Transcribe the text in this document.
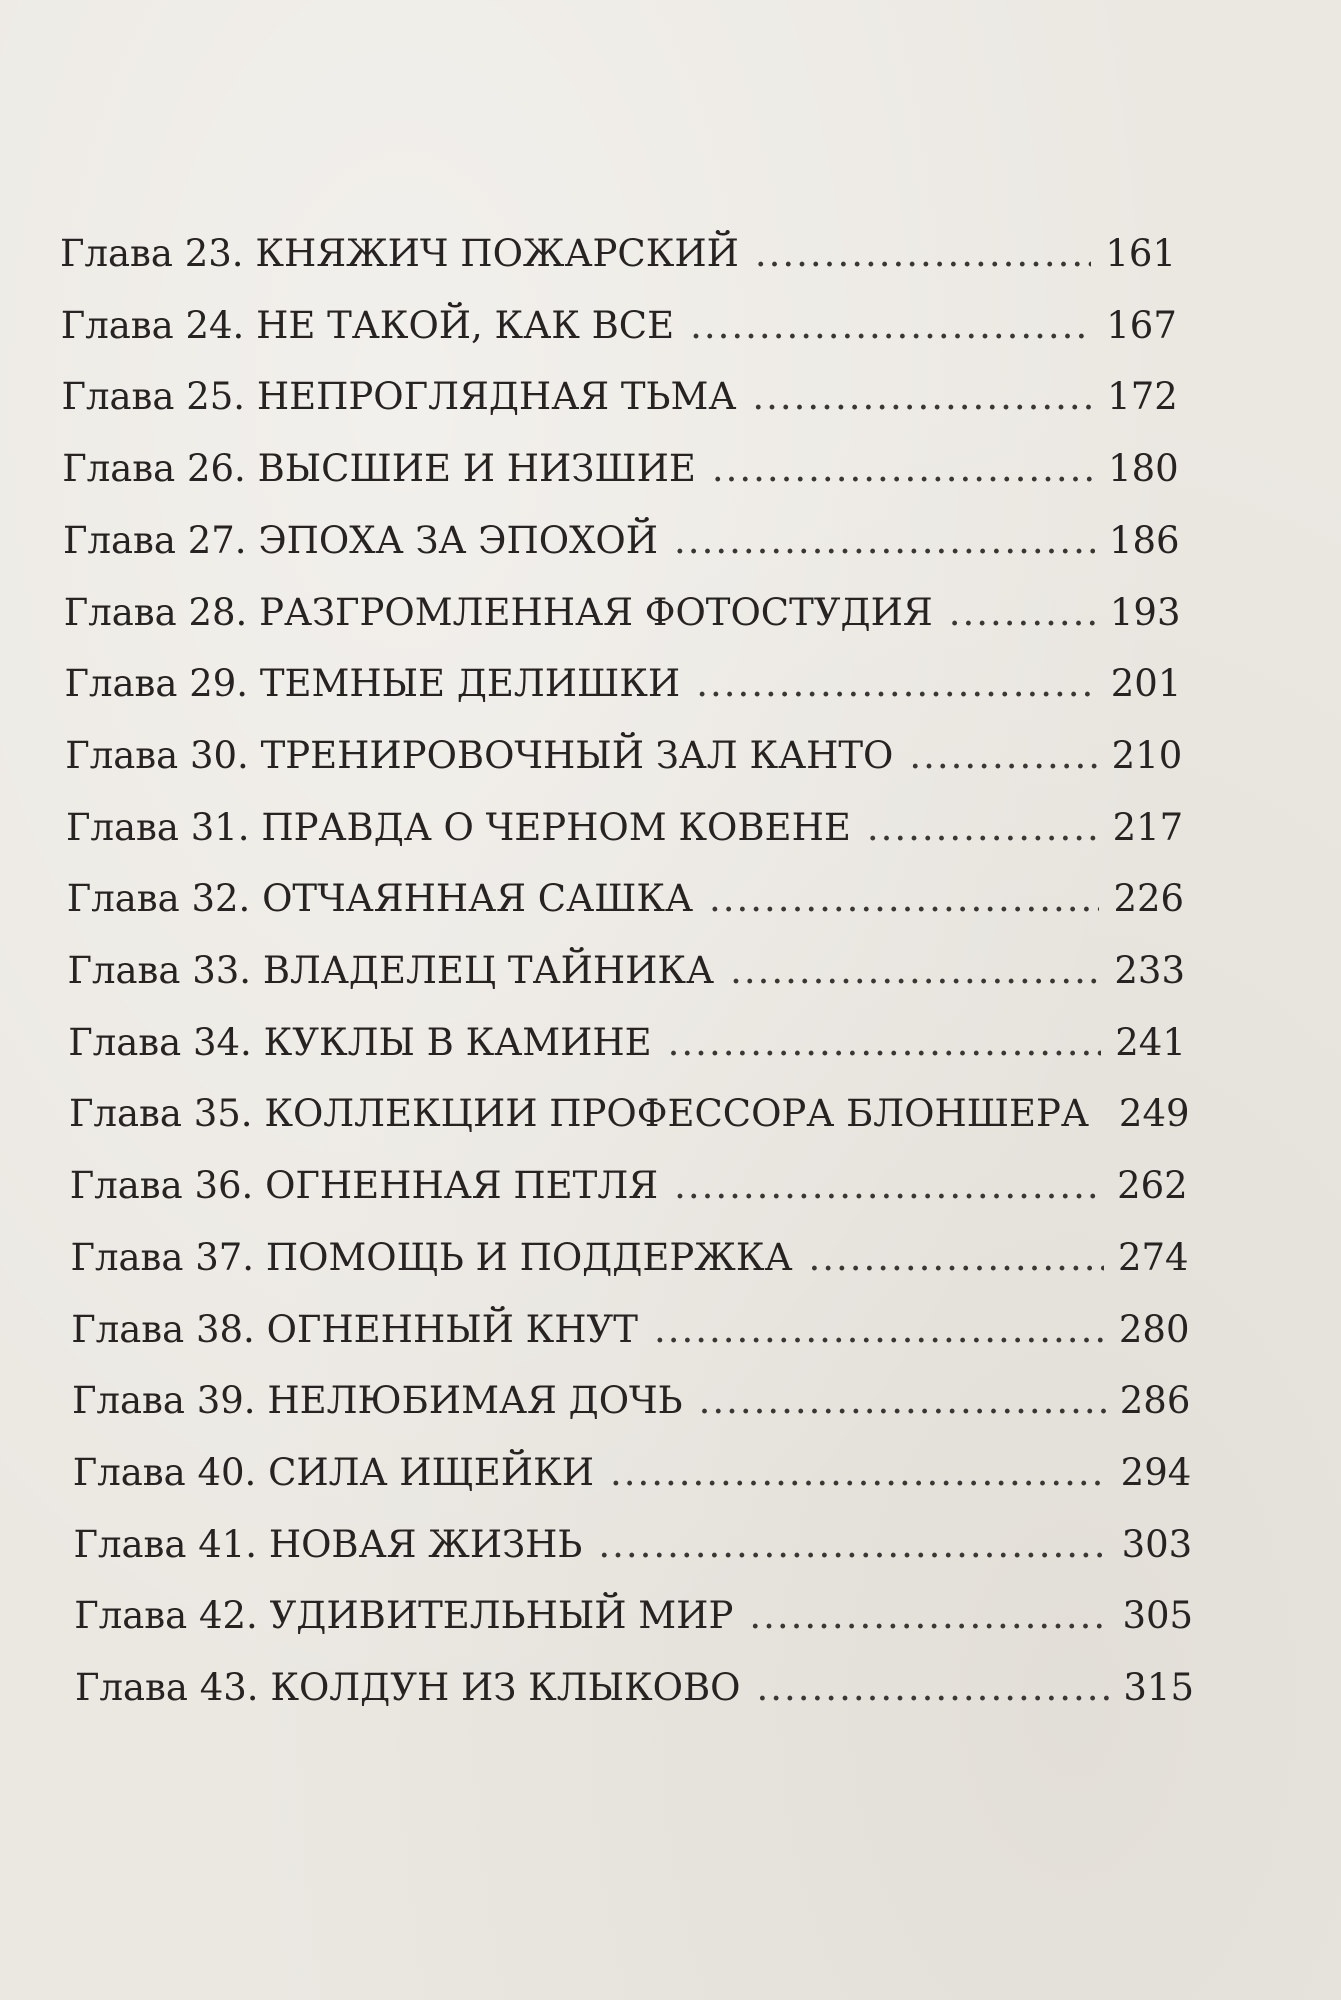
Глава 23. КНЯЖИЧ ПОЖАРСКИЙ .....	161
Глава 24. НЕ ТАКОЙ, КАК ВСЕ .....	167
Глава 25. НЕПРОГЛЯДНАЯ ТЬМА .....	172
Глава 26. ВЫСШИЕ И НИЗШИЕ .....	180
Глава 27. ЭПОХА ЗА ЭПОХОЙ .....	186
Глава 28. РАЗГРОМЛЕННАЯ ФОТОСТУДИЯ .....	193
Глава 29. ТЕМНЫЕ ДЕЛИШКИ .....	201
Глава 30. ТРЕНИРОВОЧНЫЙ ЗАЛ КАНТО .....	210
Глава 31. ПРАВДА О ЧЕРНОМ КОВЕНЕ .....	217
Глава 32. ОТЧАЯННАЯ САШКА .....	226
Глава 33. ВЛАДЕЛЕЦ ТАЙНИКА .....	233
Глава 34. КУКЛЫ В КАМИНЕ .....	241
Глава 35. КОЛЛЕКЦИИ ПРОФЕССОРА БЛОНШЕРА 249
Глава 36. ОГНЕННАЯ ПЕТЛЯ .....	262
Глава 37. ПОМОЩЬ И ПОДДЕРЖКА .....	274
Глава 38. ОГНЕННЫЙ КНУТ .....	280
Глава 39. НЕЛЮБИМАЯ ДОЧЬ .....	286
Глава 40. СИЛА ИЩЕЙКИ .....	294
Глава 41. НОВАЯ ЖИЗНЬ .....	303
Глава 42. УДИВИТЕЛЬНЫЙ МИР .....	305
Глава 43. КОЛДУН ИЗ КЛЫКОВО .....	315
